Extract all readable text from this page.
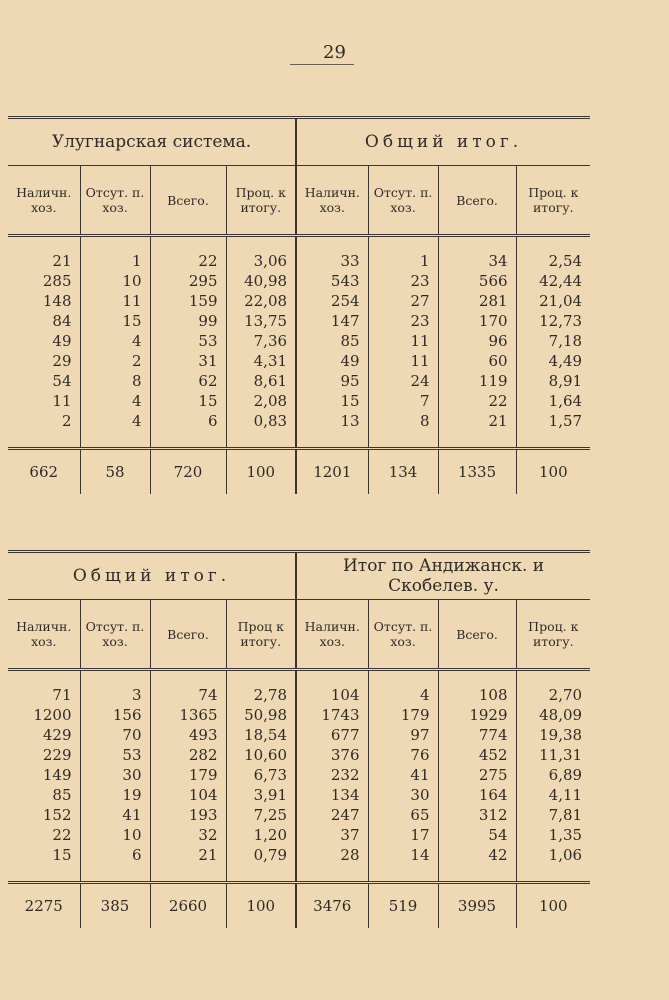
29
Улугнарская система.				Общий итог.			
Наличн. хоз.	Отсут. п. хоз.	Всего.	Проц. к итогу.	Наличн. хоз.	Отсут. п. хоз.	Всего.	Проц. к итогу.

21	1	22	3,06	33	1	34	2,54
285	10	295	40,98	543	23	566	42,44
148	11	159	22,08	254	27	281	21,04
84	15	99	13,75	147	23	170	12,73
49	4	53	7,36	85	11	96	7,18
29	2	31	4,31	49	11	60	4,49
54	8	62	8,61	95	24	119	8,91
11	4	15	2,08	15	7	22	1,64
2	4	6	0,83	13	8	21	1,57

662	58	720	100	1201	134	1335	100
Общий итог.				Итог по Андижанск. и Скобелев. у.			
Наличн. хоз.	Отсут. п. хоз.	Всего.	Проц к итогу.	Наличн. хоз.	Отсут. п. хоз.	Всего.	Проц. к итогу.

71	3	74	2,78	104	4	108	2,70
1200	156	1365	50,98	1743	179	1929	48,09
429	70	493	18,54	677	97	774	19,38
229	53	282	10,60	376	76	452	11,31
149	30	179	6,73	232	41	275	6,89
85	19	104	3,91	134	30	164	4,11
152	41	193	7,25	247	65	312	7,81
22	10	32	1,20	37	17	54	1,35
15	6	21	0,79	28	14	42	1,06

2275	385	2660	100	3476	519	3995	100
